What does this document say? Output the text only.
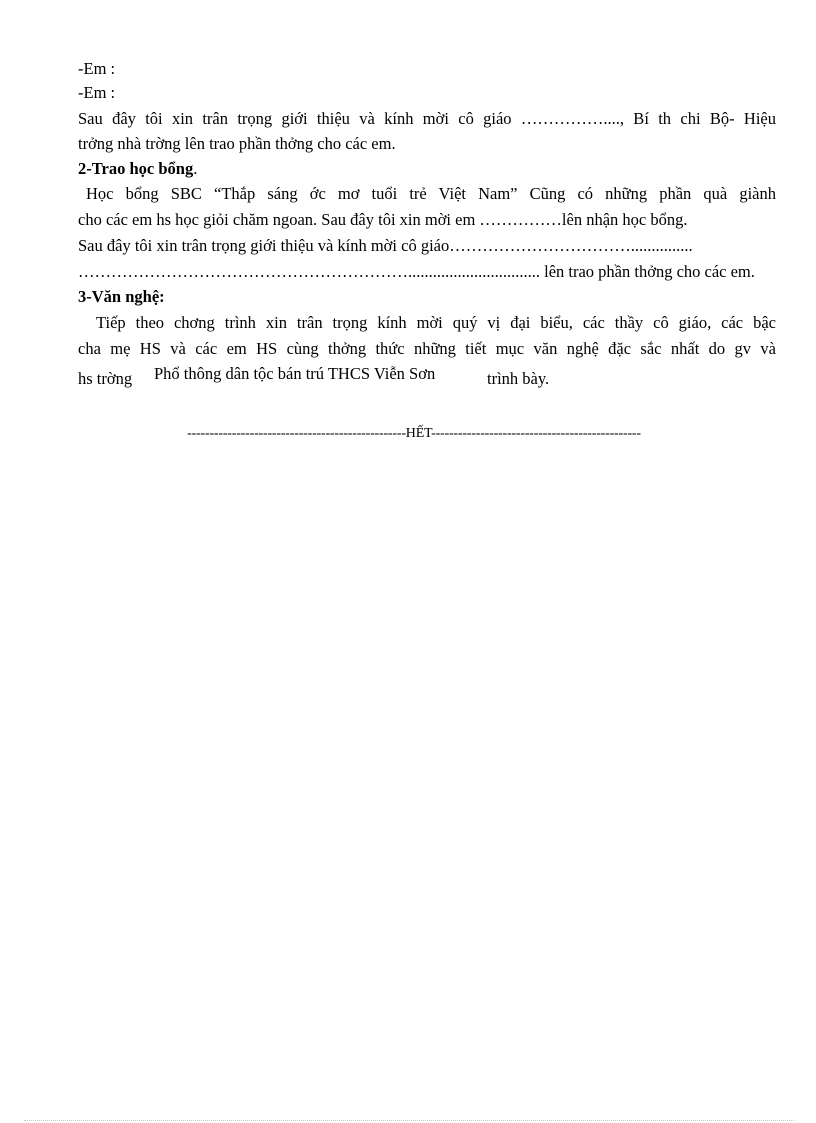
-Em :
-Em :
Sau đây tôi xin trân trọng giới thiệu và kính mời cô giáo ……………...., Bí th chi Bộ- Hiệu
trởng nhà trờng lên trao phần thởng cho các em.
2-Trao học bổng.
Học bổng SBC “Thắp sáng ớc mơ tuổi trẻ Việt Nam” Cũng có những phần quà giành
cho các em hs học giỏi chăm ngoan. Sau đây tôi xin mời em ……………lên nhận học bổng.
Sau đây tôi xin trân trọng giới thiệu và kính mời cô giáo……………………………...............
……………………………………………………................................ lên trao phần thởng cho các em.
3-Văn nghệ:
Tiếp theo chơng trình xin trân trọng kính mời quý vị đại biểu, các thầy cô giáo, các bậc
cha mẹ HS và các em HS cùng thởng thức những tiết mục văn nghệ đặc sắc nhất do gv và
hs trờng Phổ thông dân tộc bán trú THCS Viễn Sơn	trình bày.
-------------------------------------------------HẾT-----------------------------------------------
